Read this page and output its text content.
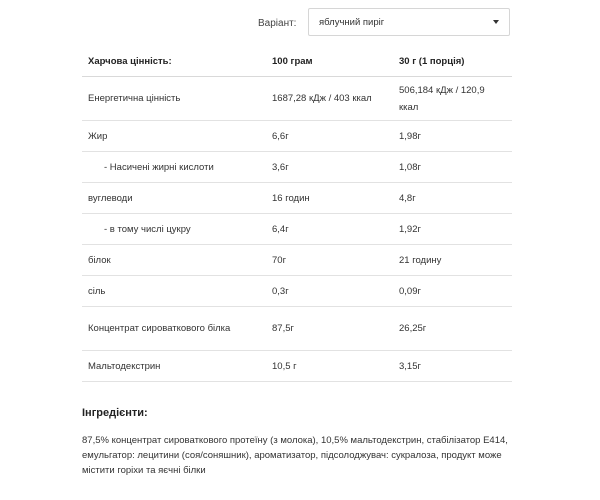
Варіант:	яблучний пиріг
Харчова цінність:	100 грам	30 г (1 порція)
Енергетична цінність	1687,28 кДж / 403 ккал	506,184 кДж / 120,9 ккал
Жир	6,6г	1,98г
- Насичені жирні кислоти	3,6г	1,08г
вуглеводи	16 годин	4,8г
- в тому числі цукру	6,4г	1,92г
білок	70г	21 годину
сіль	0,3г	0,09г
Концентрат сироваткового білка	87,5г	26,25г
Мальтодекстрин	10,5 г	3,15г
Інгредієнти:
87,5% концентрат сироваткового протеїну (з молока), 10,5% мальтодекстрин, стабілізатор Е414, емульгатор: лецитини (соя/соняшник), ароматизатор, підсолоджувач: сукралоза, продукт може містити горіхи та яєчні білки
